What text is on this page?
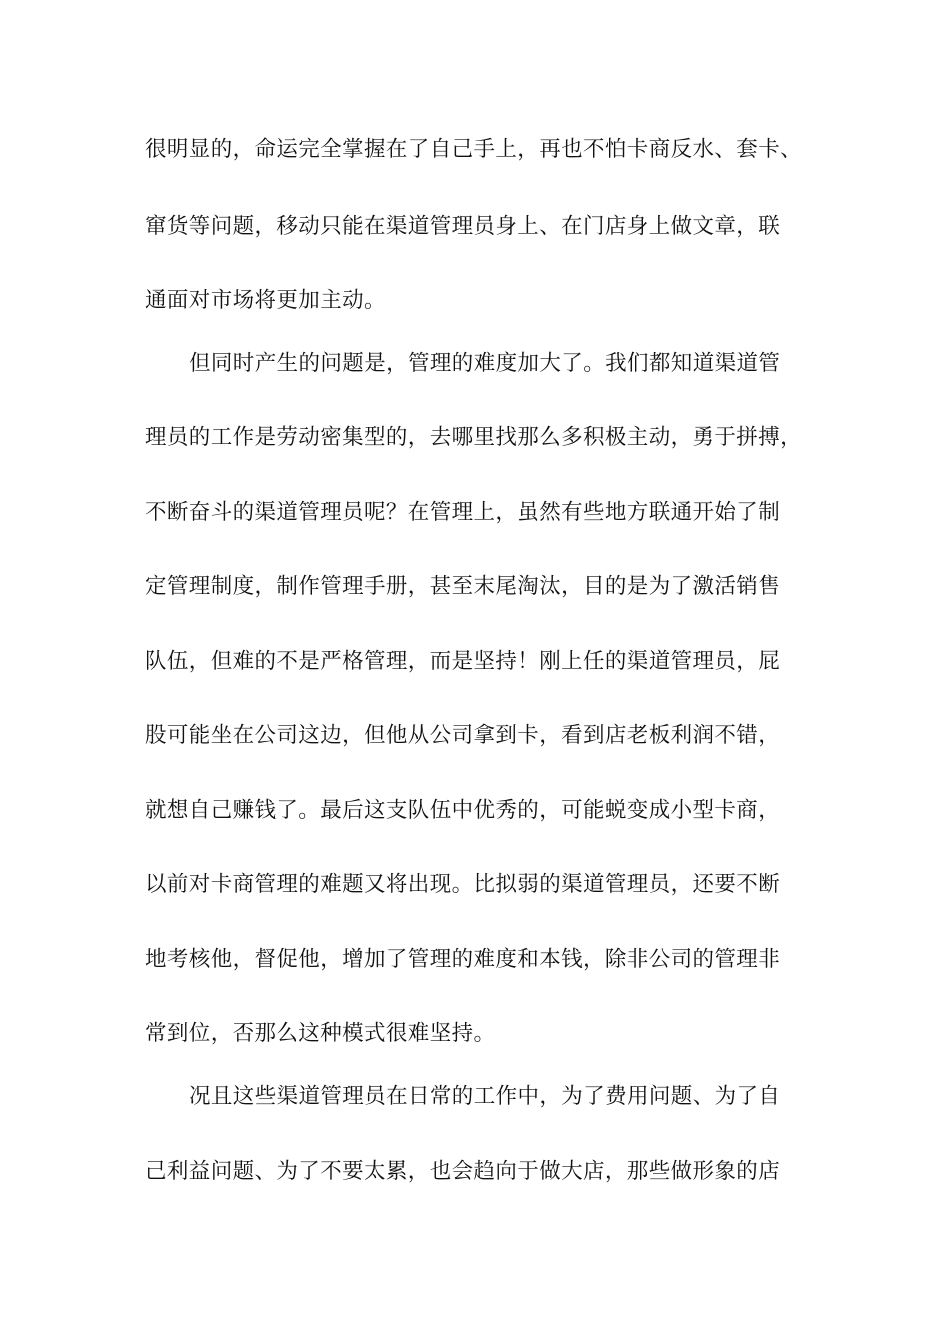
很明显的，命运完全掌握在了自己手上，再也不怕卡商反水、套卡、
窜货等问题，移动只能在渠道管理员身上、在门店身上做文章，联
通面对市场将更加主动。
但同时产生的问题是，管理的难度加大了。我们都知道渠道管
理员的工作是劳动密集型的，去哪里找那么多积极主动，勇于拼搏，
不断奋斗的渠道管理员呢？在管理上，虽然有些地方联通开始了制
定管理制度，制作管理手册，甚至末尾淘汰，目的是为了激活销售
队伍，但难的不是严格管理，而是坚持！刚上任的渠道管理员，屁
股可能坐在公司这边，但他从公司拿到卡，看到店老板利润不错，
就想自己赚钱了。最后这支队伍中优秀的，可能蜕变成小型卡商，
以前对卡商管理的难题又将出现。比拟弱的渠道管理员，还要不断
地考核他，督促他，增加了管理的难度和本钱，除非公司的管理非
常到位，否那么这种模式很难坚持。
况且这些渠道管理员在日常的工作中，为了费用问题、为了自
己利益问题、为了不要太累，也会趋向于做大店，那些做形象的店
